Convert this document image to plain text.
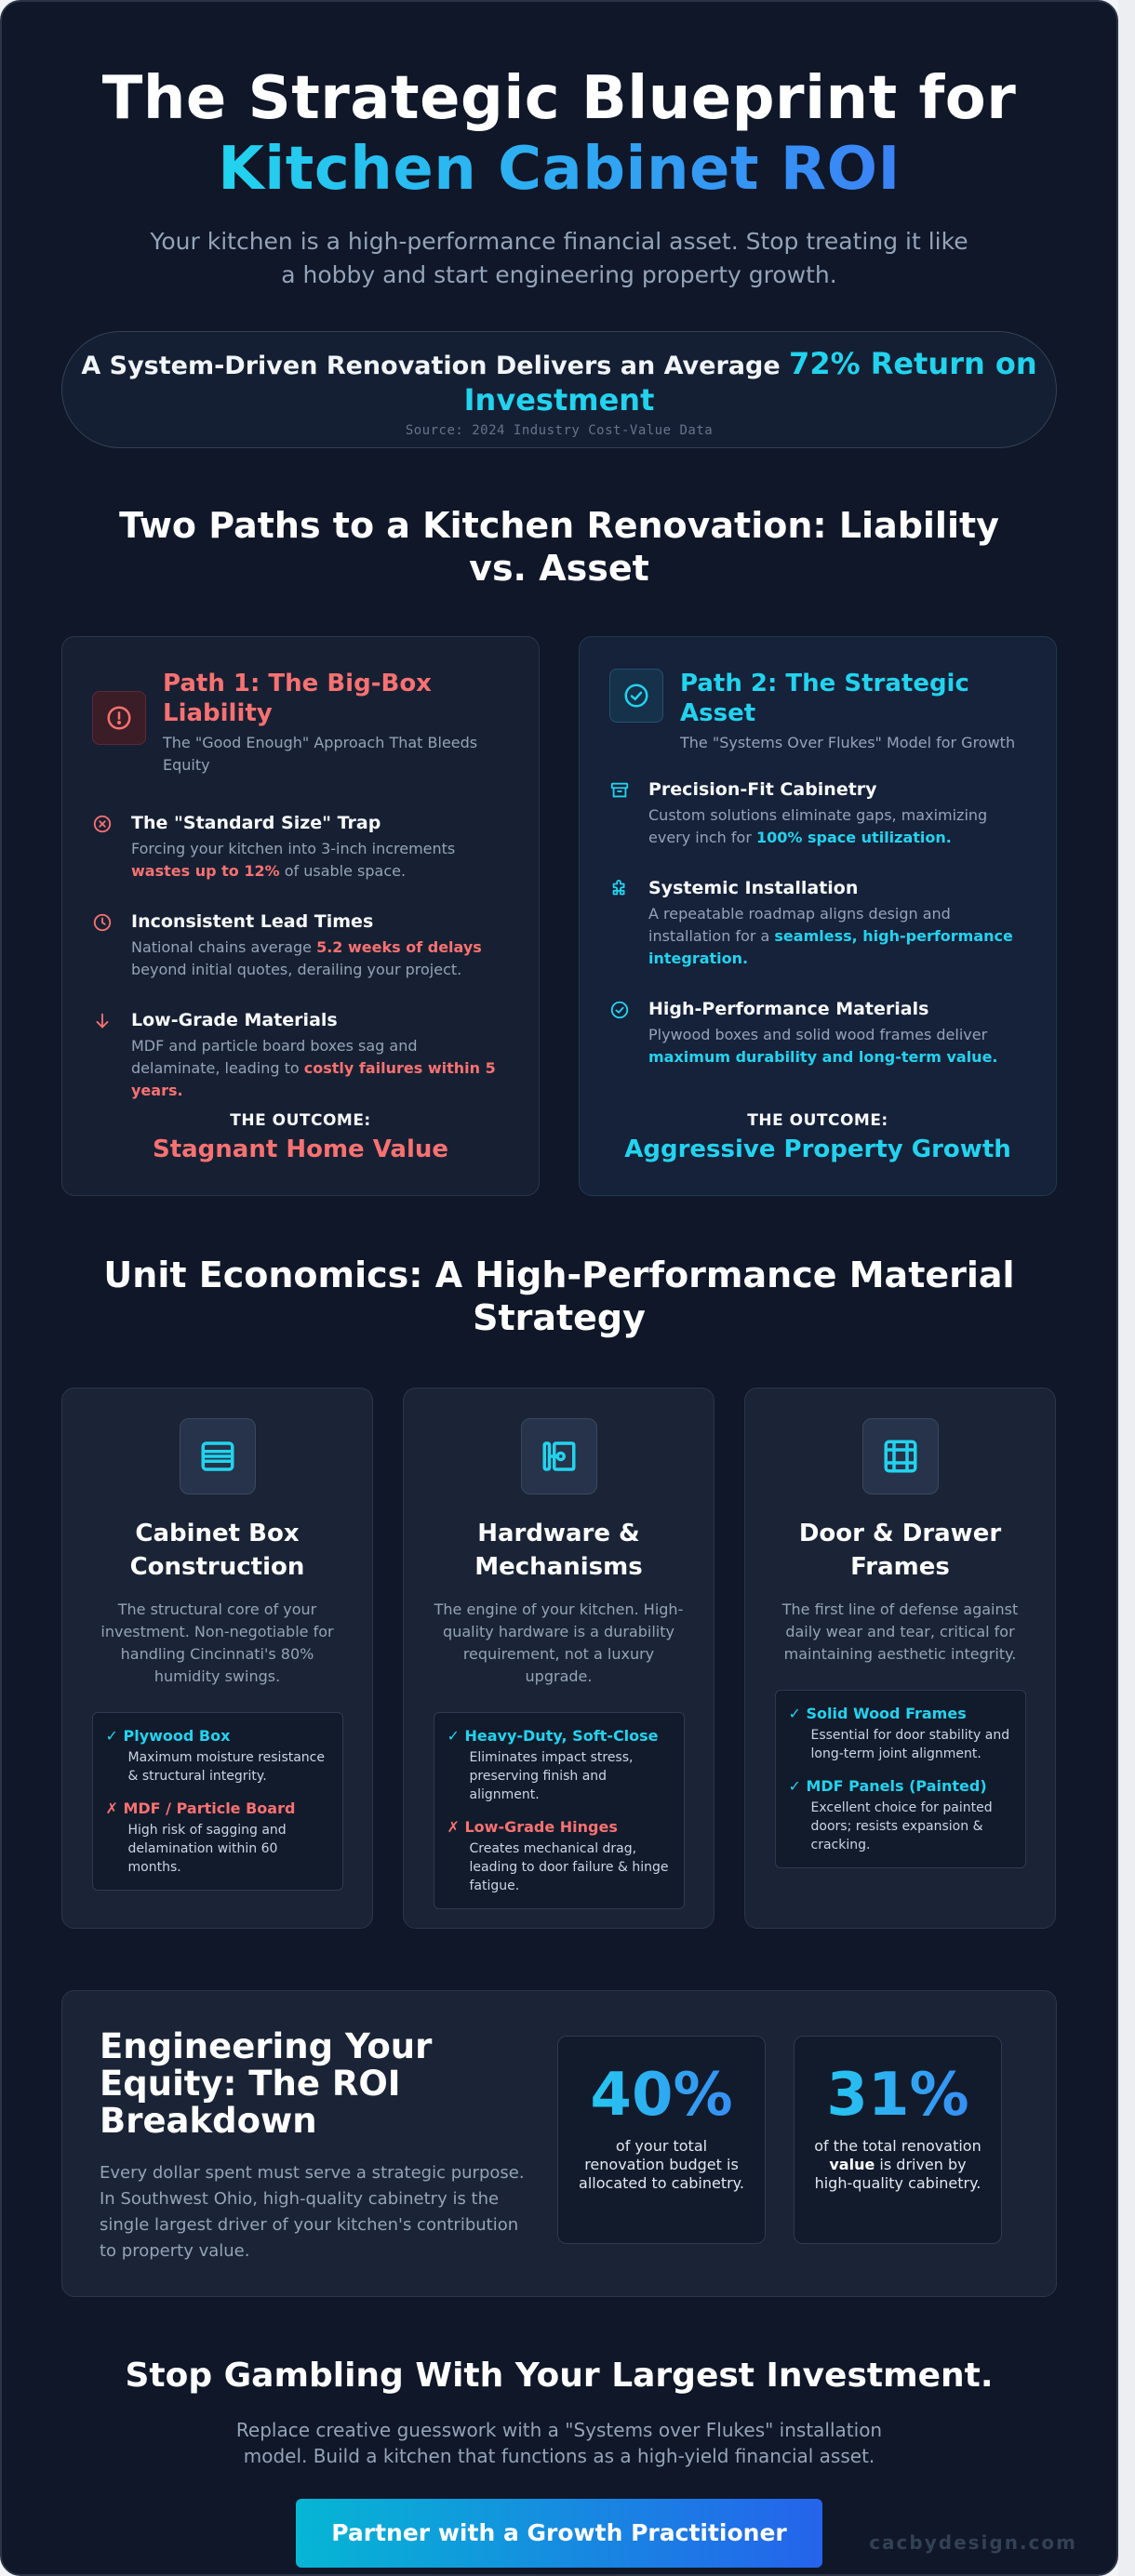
The Strategic Blueprint for
Kitchen Cabinet ROI

Your kitchen is a high-performance financial asset. Stop treating it like a hobby and start engineering property growth.

A System-Driven Renovation Delivers an Average 72% Return on Investment
Source: 2024 Industry Cost-Value Data
Two Paths to a Kitchen Renovation: Liability vs. Asset
Path 1: The Big-Box Liability
The "Good Enough" Approach That Bleeds Equity
The "Standard Size" Trap
Forcing your kitchen into 3-inch increments wastes up to 12% of usable space.
Inconsistent Lead Times
National chains average 5.2 weeks of delays beyond initial quotes, derailing your project.
Low-Grade Materials
MDF and particle board boxes sag and delaminate, leading to costly failures within 5 years.
THE OUTCOME:
Stagnant Home Value
Path 2: The Strategic Asset
The "Systems Over Flukes" Model for Growth
Precision-Fit Cabinetry
Custom solutions eliminate gaps, maximizing every inch for 100% space utilization.
Systemic Installation
A repeatable roadmap aligns design and installation for a seamless, high-performance integration.
High-Performance Materials
Plywood boxes and solid wood frames deliver maximum durability and long-term value.
THE OUTCOME:
Aggressive Property Growth
Unit Economics: A High-Performance Material Strategy
Cabinet Box Construction
The structural core of your investment. Non-negotiable for handling Cincinnati's 80% humidity swings.
✓ Plywood Box
Maximum moisture resistance & structural integrity.
✗ MDF / Particle Board
High risk of sagging and delamination within 60 months.
Hardware & Mechanisms
The engine of your kitchen. High-quality hardware is a durability requirement, not a luxury upgrade.
✓ Heavy-Duty, Soft-Close
Eliminates impact stress, preserving finish and alignment.
✗ Low-Grade Hinges
Creates mechanical drag, leading to door failure & hinge fatigue.
Door & Drawer Frames
The first line of defense against daily wear and tear, critical for maintaining aesthetic integrity.
✓ Solid Wood Frames
Essential for door stability and long-term joint alignment.
✓ MDF Panels (Painted)
Excellent choice for painted doors; resists expansion & cracking.
Engineering Your Equity: The ROI Breakdown
Every dollar spent must serve a strategic purpose. In Southwest Ohio, high-quality cabinetry is the single largest driver of your kitchen's contribution to property value.
40%
of your total renovation budget is allocated to cabinetry.
31%
of the total renovation value is driven by high-quality cabinetry.
Stop Gambling With Your Largest Investment.
Replace creative guesswork with a "Systems over Flukes" installation model. Build a kitchen that functions as a high-yield financial asset.
Partner with a Growth Practitioner	cacbydesign.com
